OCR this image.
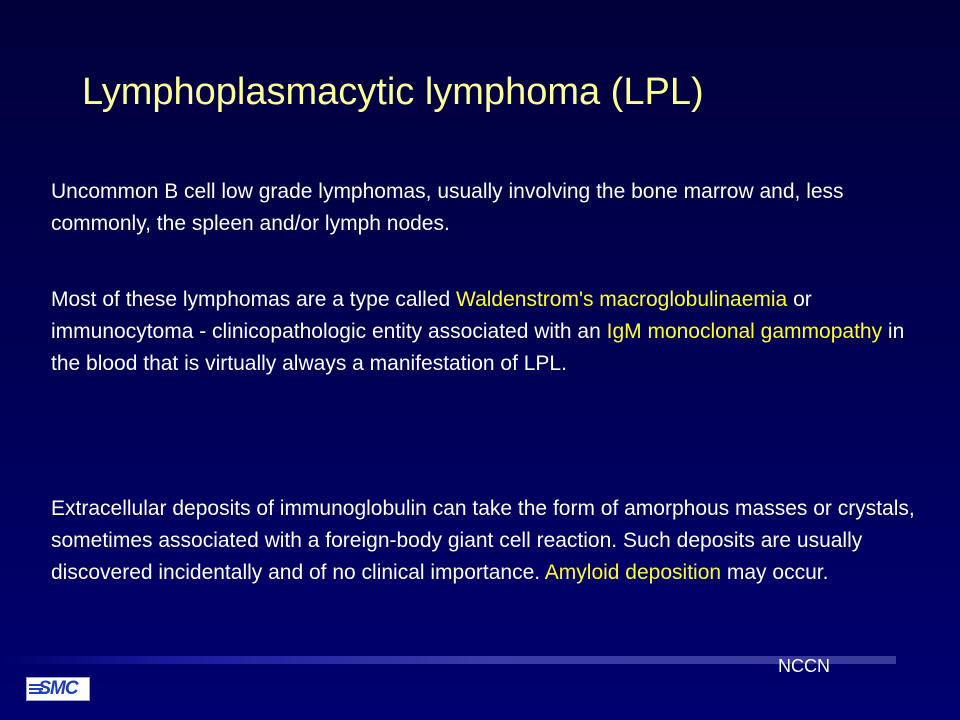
Lymphoplasmacytic lymphoma (LPL)
Uncommon B cell low grade lymphomas, usually involving the bone marrow and, less commonly, the spleen and/or lymph nodes.
Most of these lymphomas are a type called Waldenstrom's macroglobulinaemia or immunocytoma - clinicopathologic entity associated with an IgM monoclonal gammopathy in the blood that is virtually always a manifestation of LPL.
Extracellular deposits of immunoglobulin can take the form of amorphous masses or crystals, sometimes associated with a foreign-body giant cell reaction. Such deposits are usually discovered incidentally and of no clinical importance. Amyloid deposition may occur.
NCCN
SMC
